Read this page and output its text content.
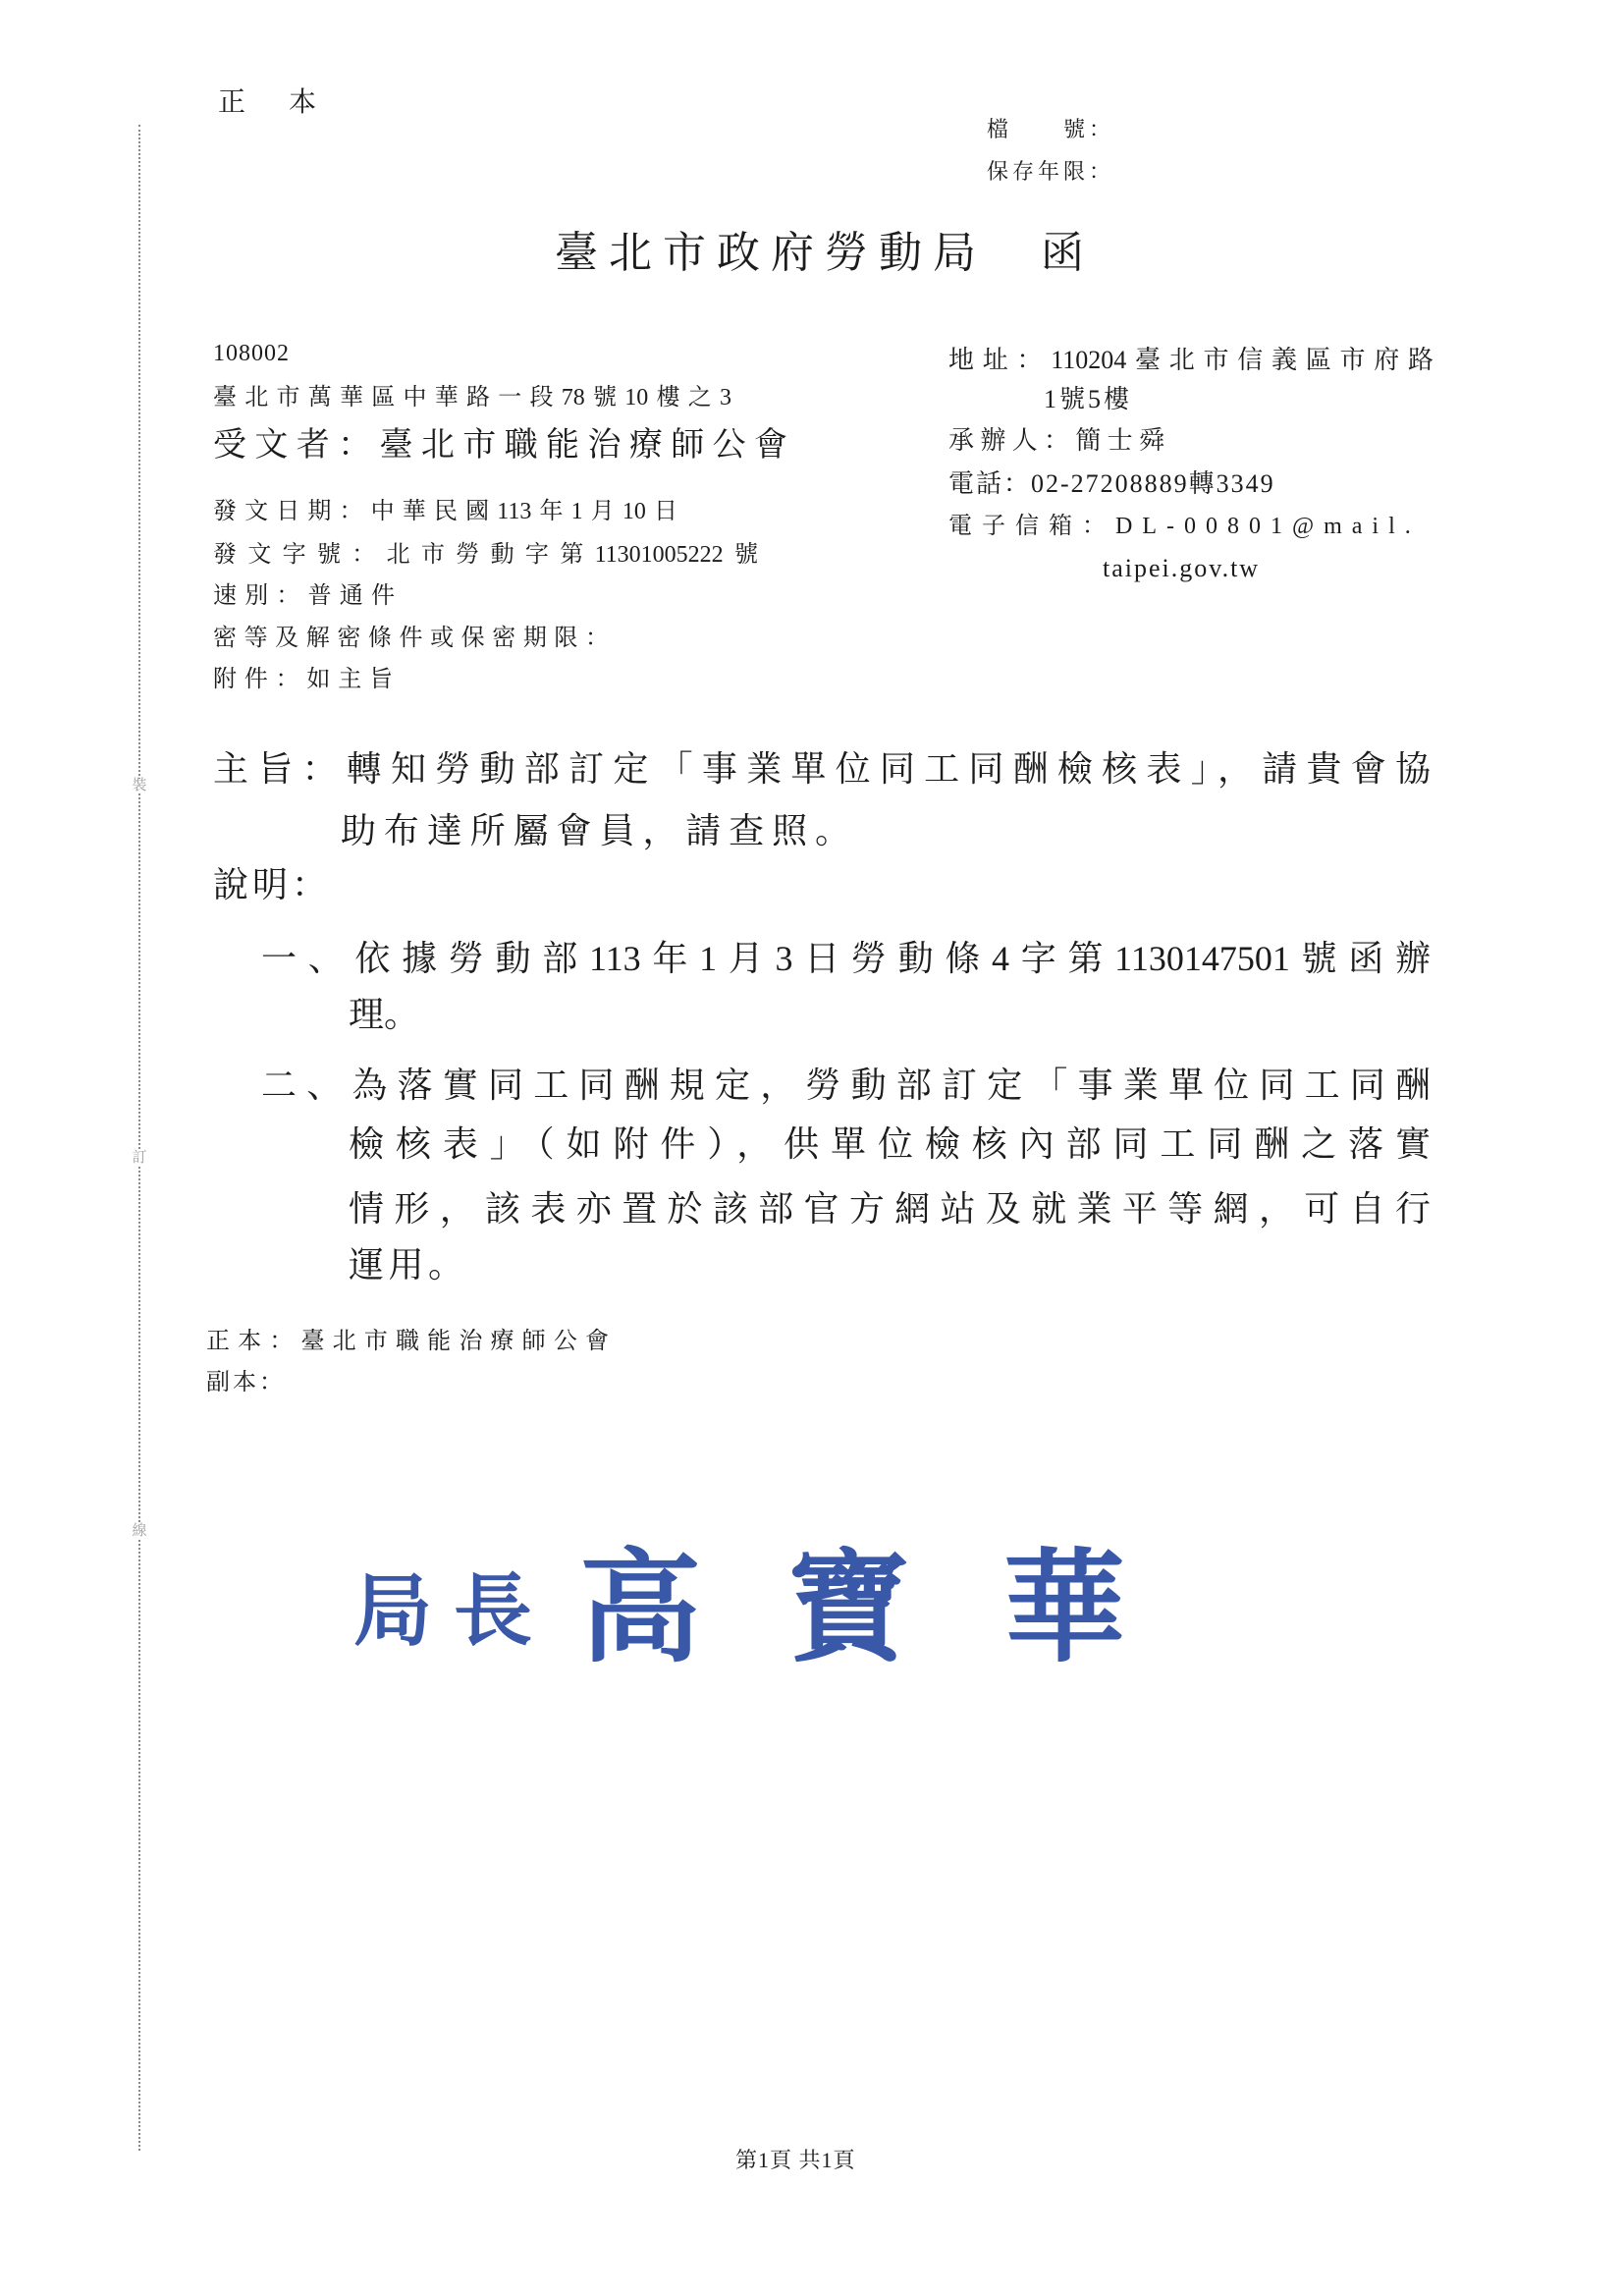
裝
訂
線
正　本
檔　　號：
保存年限：
臺北市政府勞動局　函
108002
臺北市萬華區中華路一段78號10樓之3
受文者：臺北市職能治療師公會
發文日期：中華民國113年1月10日
發文字號：北市勞動字第11301005222號
速別：普通件
密等及解密條件或保密期限：
附件：如主旨
地址：110204臺北市信義區市府路
1號5樓
承辦人：簡士舜
電話：02-27208889轉3349
電子信箱：DL-00801@mail.
taipei.gov.tw
主旨：轉知勞動部訂定「事業單位同工同酬檢核表」，請貴會協
助布達所屬會員，請查照。
說明：
一、依據勞動部113年1月3日勞動條4字第1130147501號函辦
理。
二、為落實同工同酬規定，勞動部訂定「事業單位同工同酬
檢核表」（如附件），供單位檢核內部同工同酬之落實
情形，該表亦置於該部官方網站及就業平等網，可自行
運用。
正本：臺北市職能治療師公會
副本：
局長 高 寶 華
第1頁 共1頁
